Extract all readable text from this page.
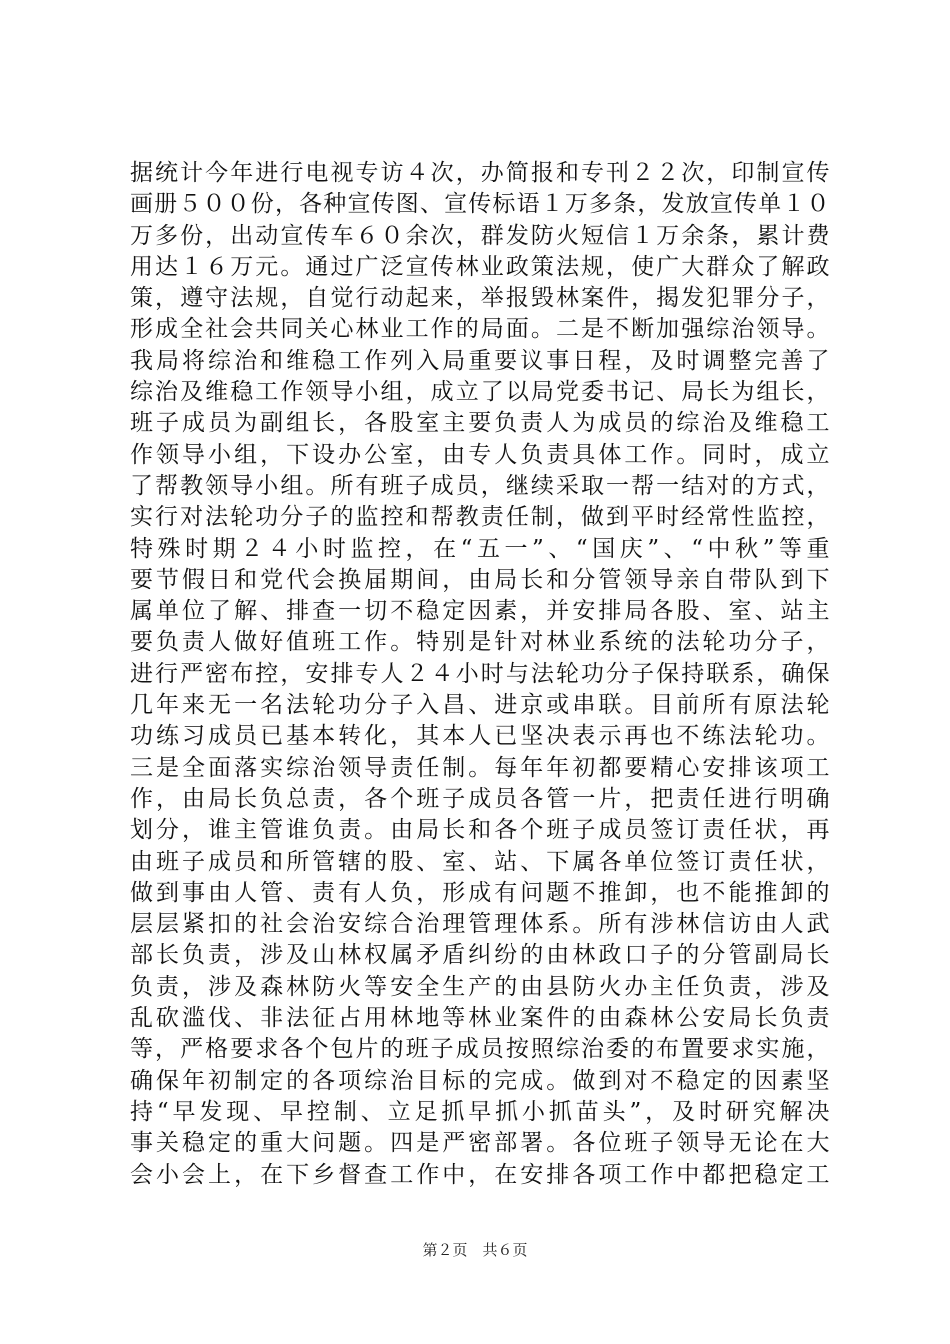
据统计今年进行电视专访４次，办简报和专刊２２次，印制宣传
画册５００份，各种宣传图、宣传标语１万多条，发放宣传单１０
万多份，出动宣传车６０余次，群发防火短信１万余条，累计费
用达１６万元。通过广泛宣传林业政策法规，使广大群众了解政
策，遵守法规，自觉行动起来，举报毁林案件，揭发犯罪分子，
形成全社会共同关心林业工作的局面。二是不断加强综治领导。
我局将综治和维稳工作列入局重要议事日程，及时调整完善了
综治及维稳工作领导小组，成立了以局党委书记、局长为组长，
班子成员为副组长，各股室主要负责人为成员的综治及维稳工
作领导小组，下设办公室，由专人负责具体工作。同时，成立
了帮教领导小组。所有班子成员，继续采取一帮一结对的方式，
实行对法轮功分子的监控和帮教责任制，做到平时经常性监控，
特殊时期２４小时监控，在“五一”、“国庆”、“中秋”等重
要节假日和党代会换届期间，由局长和分管领导亲自带队到下
属单位了解、排查一切不稳定因素，并安排局各股、室、站主
要负责人做好值班工作。特别是针对林业系统的法轮功分子，
进行严密布控，安排专人２４小时与法轮功分子保持联系，确保
几年来无一名法轮功分子入昌、进京或串联。目前所有原法轮
功练习成员已基本转化，其本人已坚决表示再也不练法轮功。
三是全面落实综治领导责任制。每年年初都要精心安排该项工
作，由局长负总责，各个班子成员各管一片，把责任进行明确
划分，谁主管谁负责。由局长和各个班子成员签订责任状，再
由班子成员和所管辖的股、室、站、下属各单位签订责任状，
做到事由人管、责有人负，形成有问题不推卸，也不能推卸的
层层紧扣的社会治安综合治理管理体系。所有涉林信访由人武
部长负责，涉及山林权属矛盾纠纷的由林政口子的分管副局长
负责，涉及森林防火等安全生产的由县防火办主任负责，涉及
乱砍滥伐、非法征占用林地等林业案件的由森林公安局长负责
等，严格要求各个包片的班子成员按照综治委的布置要求实施，
确保年初制定的各项综治目标的完成。做到对不稳定的因素坚
持“早发现、早控制、立足抓早抓小抓苗头”，及时研究解决
事关稳定的重大问题。四是严密部署。各位班子领导无论在大
会小会上，在下乡督查工作中，在安排各项工作中都把稳定工
第２页　共６页
